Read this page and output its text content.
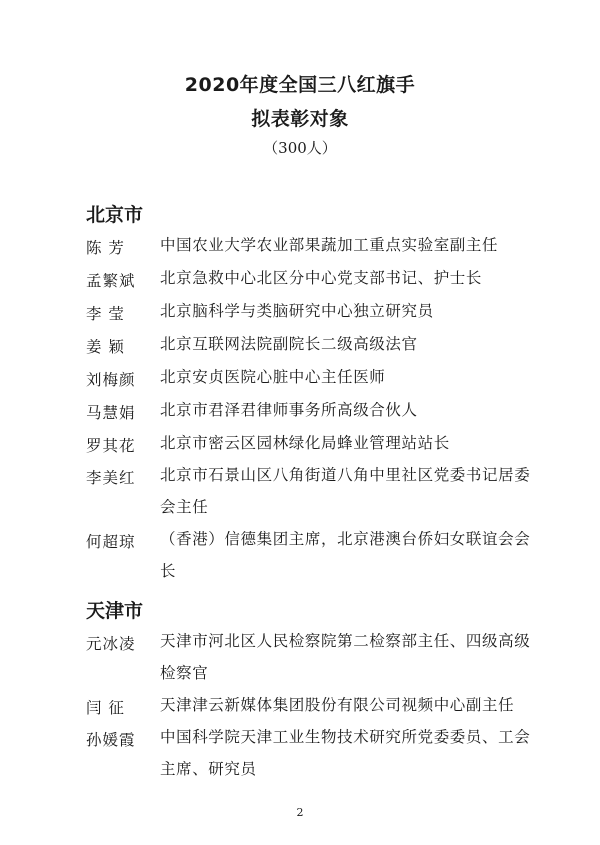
2020年度全国三八红旗手
拟表彰对象
（300人）
北京市
陈 芳 中国农业大学农业部果蔬加工重点实验室副主任
孟繁斌 北京急救中心北区分中心党支部书记、护士长
李 莹 北京脑科学与类脑研究中心独立研究员
姜 颖 北京互联网法院副院长二级高级法官
刘梅颜 北京安贞医院心脏中心主任医师
马慧娟 北京市君泽君律师事务所高级合伙人
罗其花 北京市密云区园林绿化局蜂业管理站站长
李美红 北京市石景山区八角街道八角中里社区党委书记居委会主任
何超琼 （香港）信德集团主席，北京港澳台侨妇女联谊会会长
天津市
元冰凌 天津市河北区人民检察院第二检察部主任、四级高级检察官
闫 征 天津津云新媒体集团股份有限公司视频中心副主任
孙媛霞 中国科学院天津工业生物技术研究所党委委员、工会主席、研究员
2
